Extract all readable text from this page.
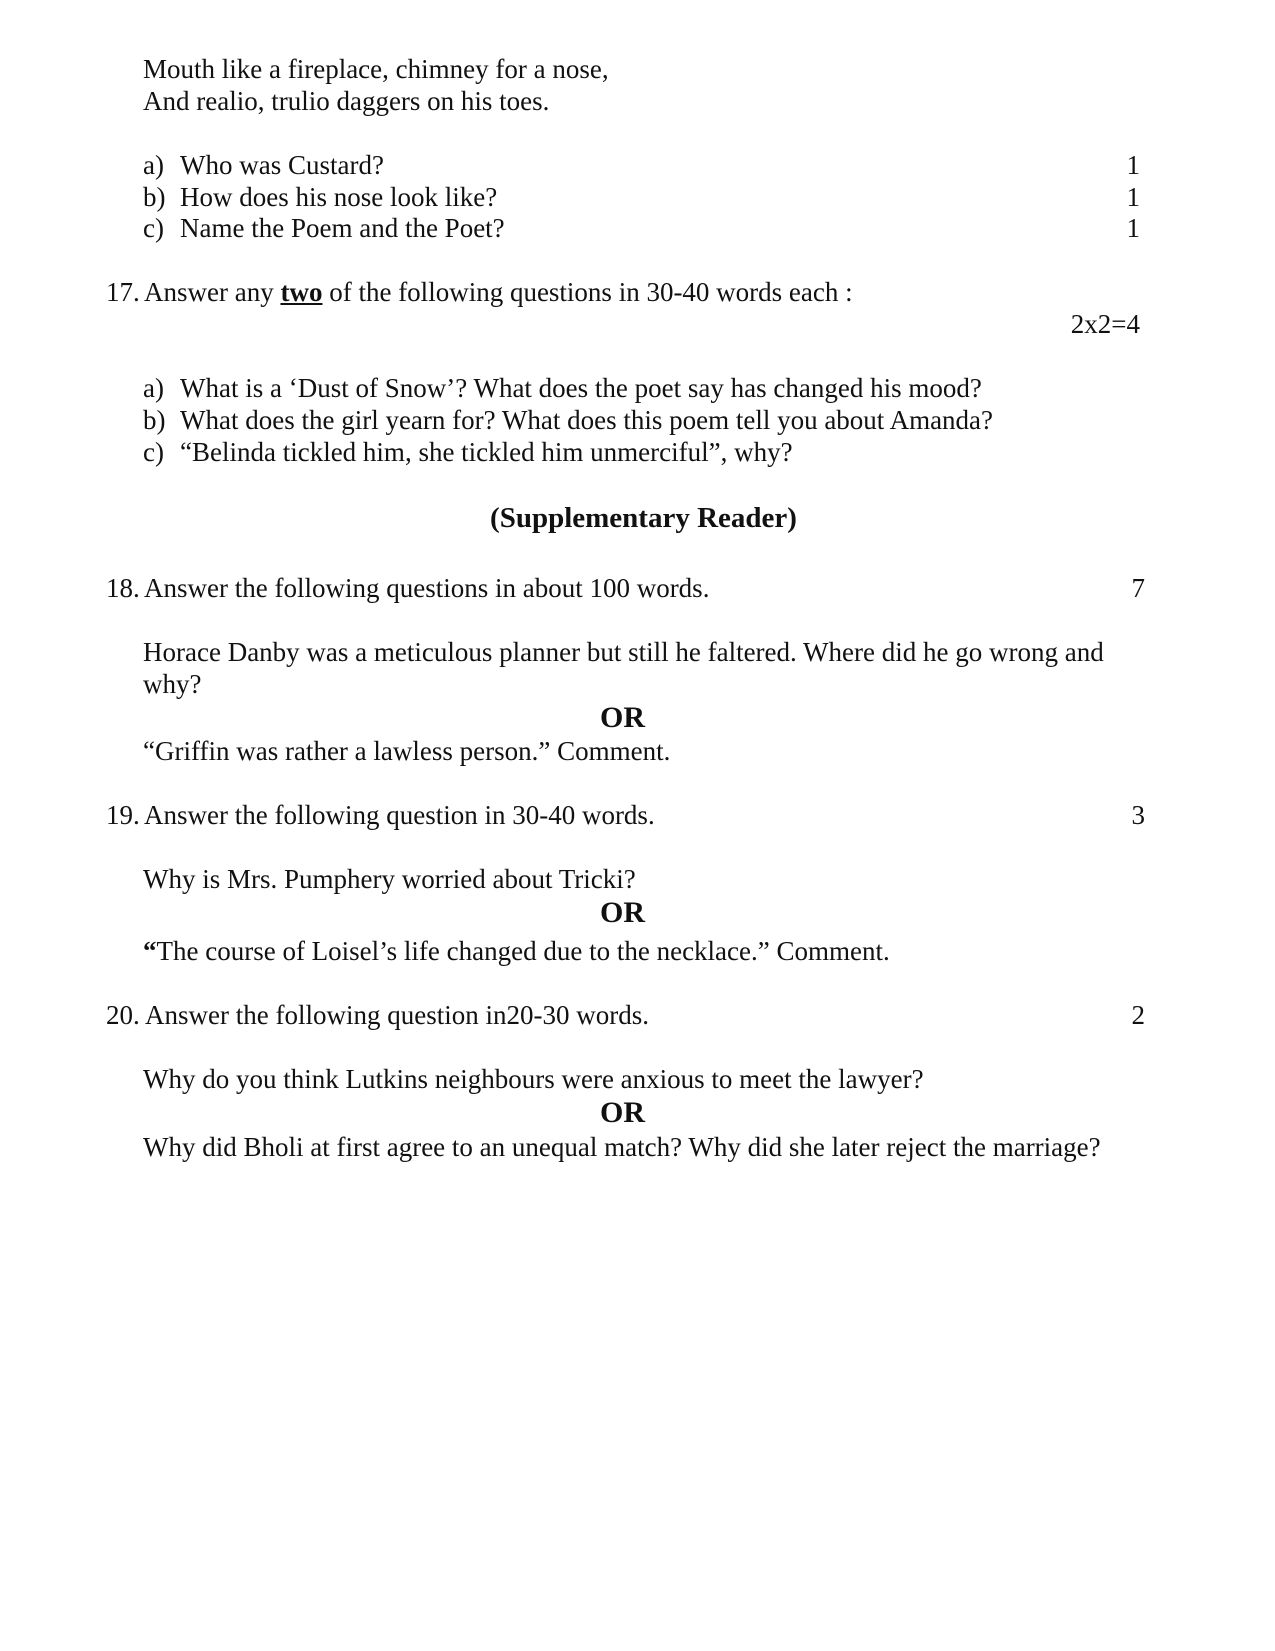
Mouth like a fireplace, chimney for a nose,
And realio, trulio daggers on his toes.
a) Who was Custard?	1
b) How does his nose look like?	1
c) Name the Poem and the Poet?	1
17. Answer any two of the following questions in 30-40 words each :
2x2=4
a) What is a ‘Dust of Snow’? What does the poet say has changed his mood?
b) What does the girl yearn for? What does this poem tell you about Amanda?
c) “Belinda tickled him, she tickled him unmerciful”, why?
(Supplementary Reader)
18. Answer the following questions in about 100 words.	7
Horace Danby was a meticulous planner but still he faltered. Where did he go wrong and
why?
OR
“Griffin was rather a lawless person.” Comment.
19. Answer the following question in 30-40 words.	3
Why is Mrs. Pumphery worried about Tricki?
OR
“The course of Loisel’s life changed due to the necklace.” Comment.
20. Answer the following question in20-30 words.	2
Why do you think Lutkins neighbours were anxious to meet the lawyer?
OR
Why did Bholi at first agree to an unequal match? Why did she later reject the marriage?
